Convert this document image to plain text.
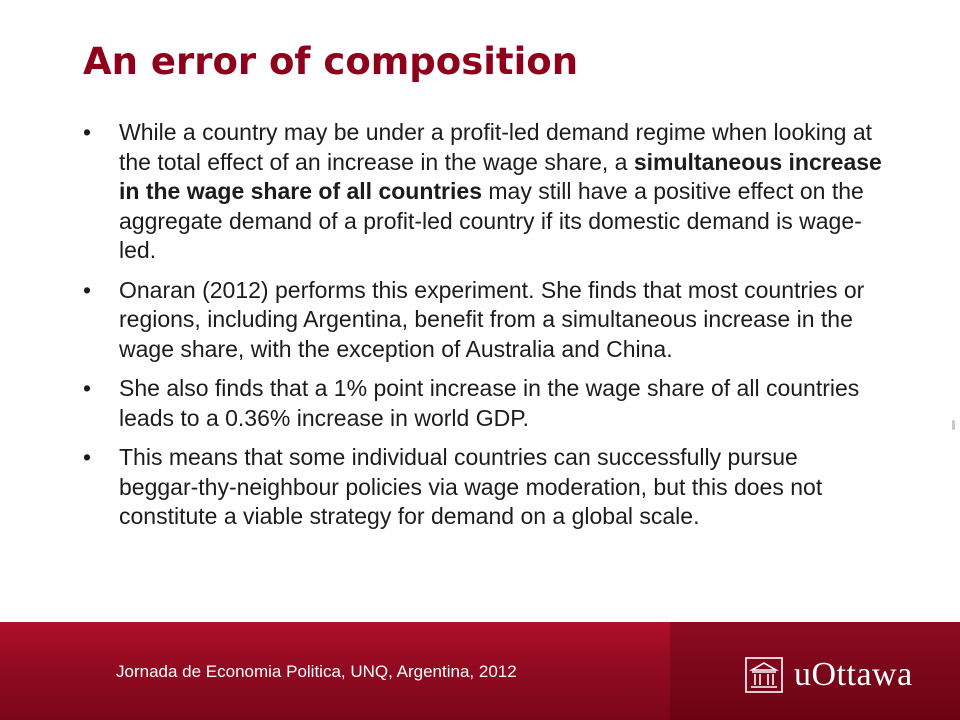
An error of composition
•	While a country may be under a profit-led demand regime when looking at the total effect of an increase in the wage share, a simultaneous increase in the wage share of all countries may still have a positive effect on the aggregate demand of a profit-led country if its domestic demand is wage-led.
•	Onaran (2012) performs this experiment. She finds that most countries or regions, including Argentina, benefit from a simultaneous increase in the wage share, with the exception of Australia and China.
•	She also finds that a 1% point increase in the wage share of all countries leads to a 0.36% increase in world GDP.
•	This means that some individual countries can successfully pursue beggar-thy-neighbour policies via wage moderation, but this does not constitute a viable strategy for demand on a global scale.
Jornada de Economia Politica, UNQ, Argentina, 2012	uOttawa
